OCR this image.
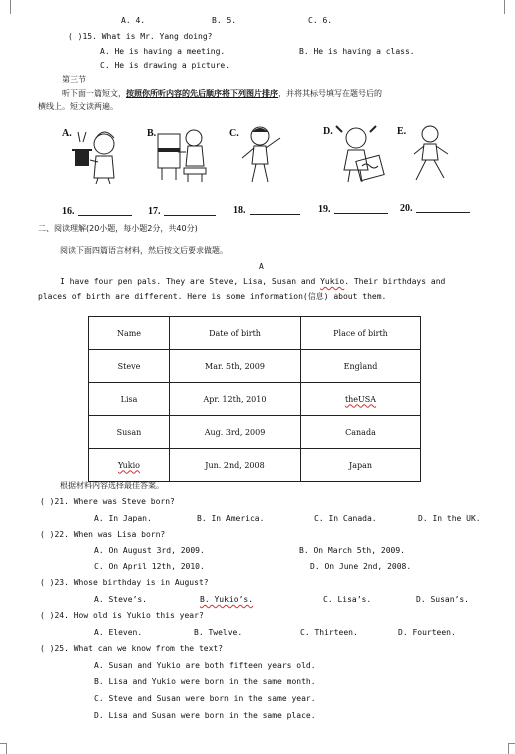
A. 4.	B. 5.	C. 6.
( )15. What is Mr. Yang doing?
A. He is having a meeting.	B. He is having a class.
C. He is drawing a picture.
第三节
听下面一篇短文，按照你所听内容的先后顺序将下列图片排序，并将其标号填写在题号后的
横线上。短文读两遍。
A.	B.	C.	D.	E.
16.	17.	18.	19.	20.
二、阅读理解(20小题，每小题2分，共40分)
阅读下面四篇语言材料，然后按文后要求做题。
A
I have four pen pals. They are Steve, Lisa, Susan and Yukio. Their birthdays and
places of birth are different. Here is some information(信息) about them.
Name	Date of birth	Place of birth
Steve	Mar. 5th, 2009	England
Lisa	Apr. 12th, 2010	theUSA
Susan	Aug. 3rd, 2009	Canada
Yukio	Jun. 2nd, 2008	Japan
根据材料内容选择最佳答案。
( )21. Where was Steve born?
A. In Japan.	B. In America.	C. In Canada.	D. In the UK.
( )22. When was Lisa born?
A. On August 3rd, 2009.	B. On March 5th, 2009.
C. On April 12th, 2010.	D. On June 2nd, 2008.
( )23. Whose birthday is in August?
A. Steve’s.	B. Yukio’s.	C. Lisa’s.	D. Susan’s.
( )24. How old is Yukio this year?
A. Eleven.	B. Twelve.	C. Thirteen.	D. Fourteen.
( )25. What can we know from the text?
A. Susan and Yukio are both fifteen years old.
B. Lisa and Yukio were born in the same month.
C. Steve and Susan were born in the same year.
D. Lisa and Susan were born in the same place.
